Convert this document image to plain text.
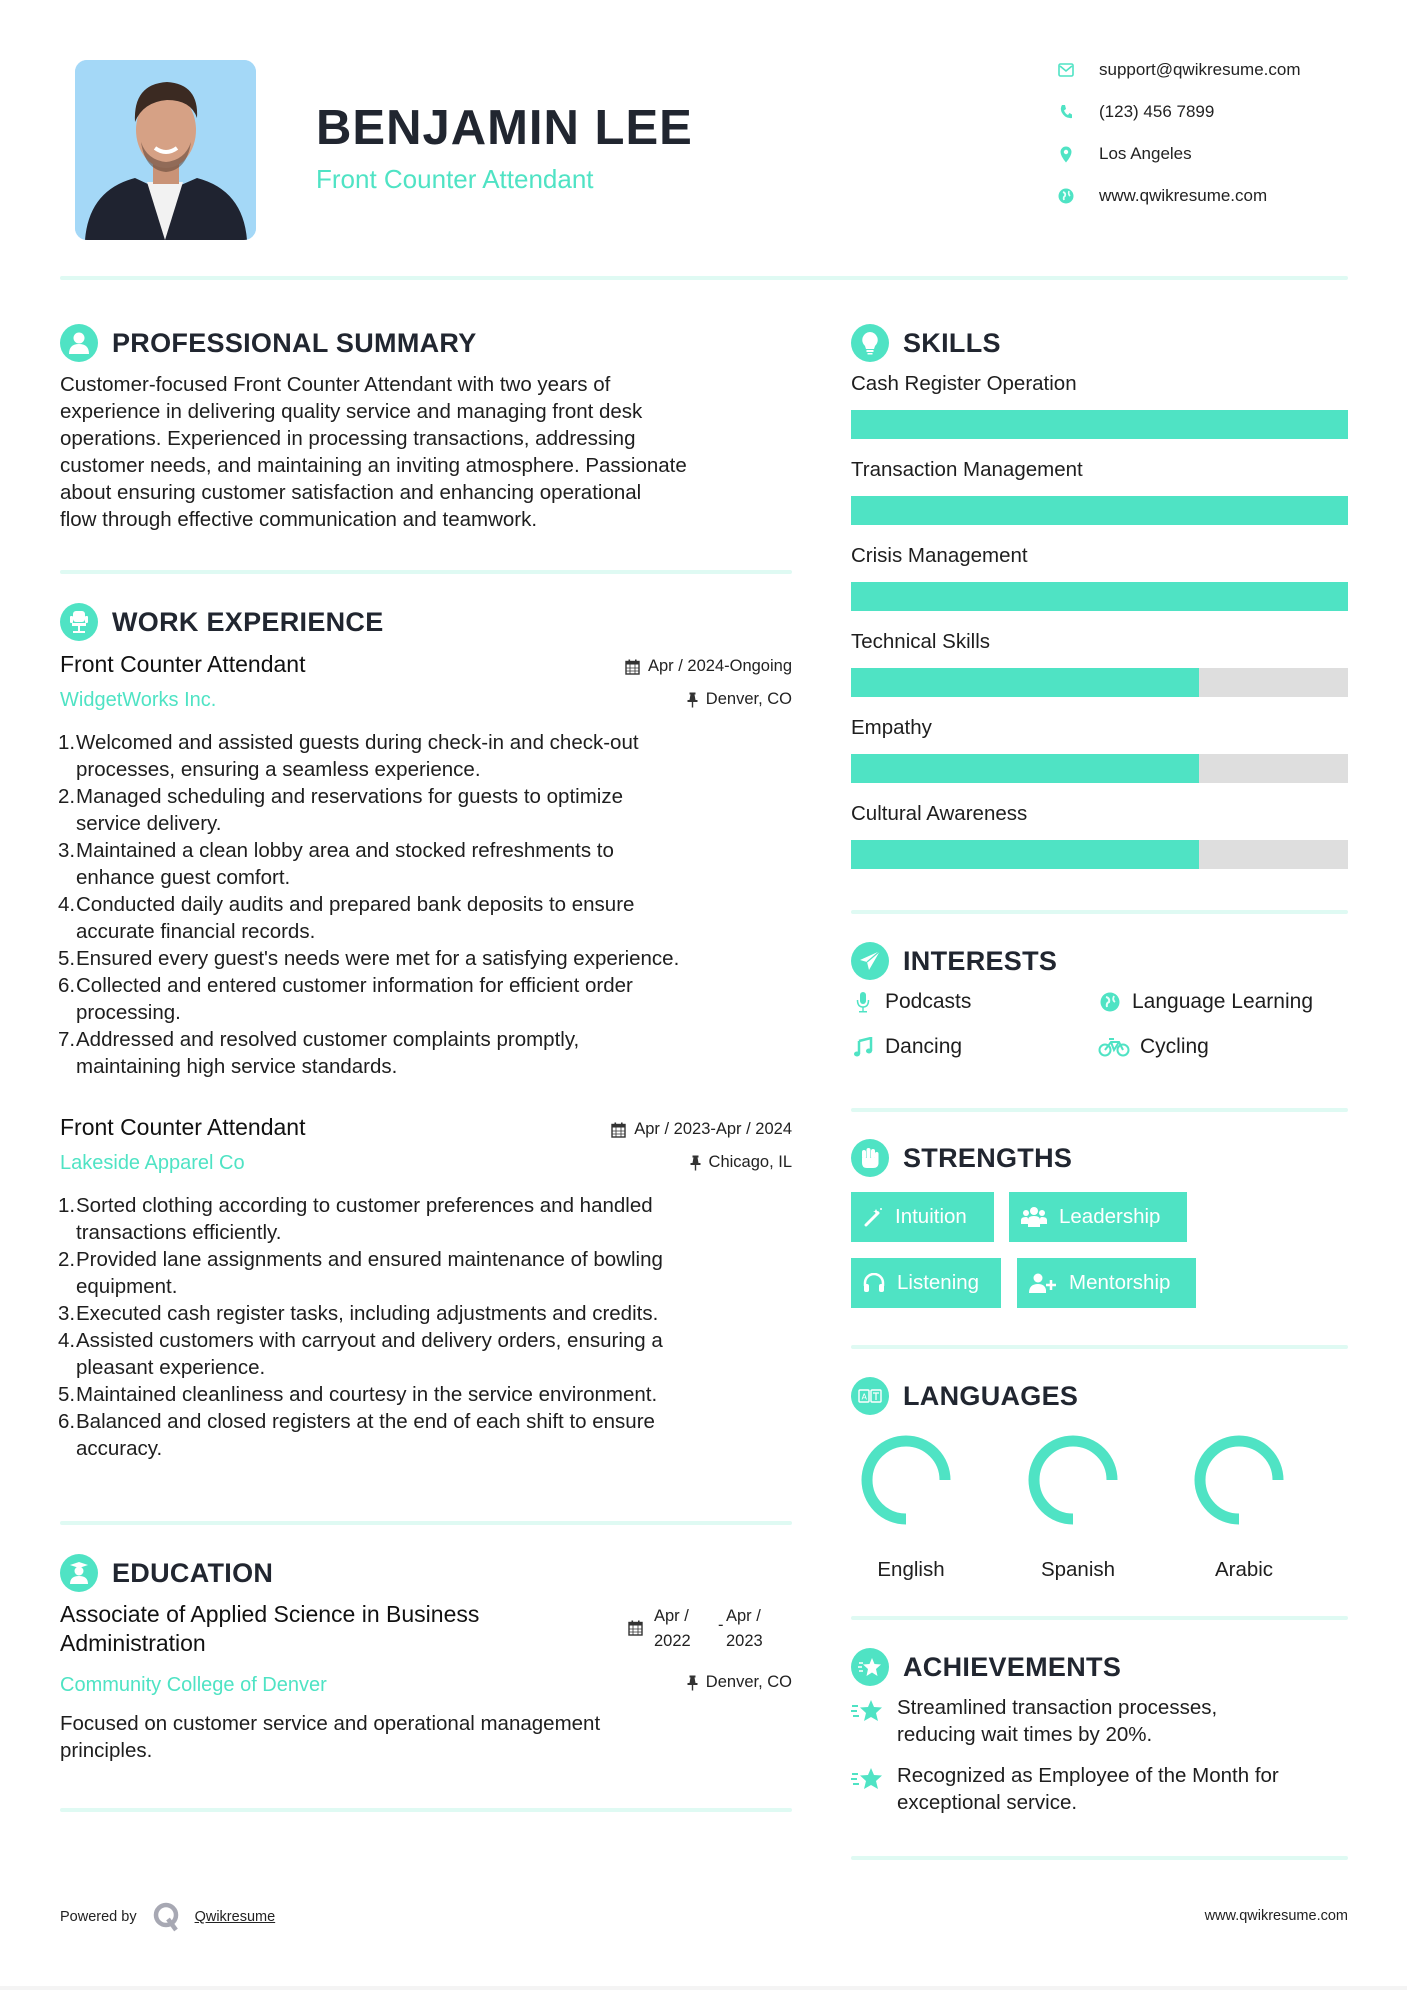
BENJAMIN LEE
Front Counter Attendant
support@qwikresume.com
(123) 456 7899
Los Angeles
www.qwikresume.com
PROFESSIONAL SUMMARY
Customer-focused Front Counter Attendant with two years of
experience in delivering quality service and managing front desk
operations. Experienced in processing transactions, addressing
customer needs, and maintaining an inviting atmosphere. Passionate
about ensuring customer satisfaction and enhancing operational
flow through effective communication and teamwork.
WORK EXPERIENCE
Front Counter Attendant	Apr / 2024-Ongoing
WidgetWorks Inc.	Denver, CO
1. Welcomed and assisted guests during check-in and check-out
processes, ensuring a seamless experience.
2. Managed scheduling and reservations for guests to optimize
service delivery.
3. Maintained a clean lobby area and stocked refreshments to
enhance guest comfort.
4. Conducted daily audits and prepared bank deposits to ensure
accurate financial records.
5. Ensured every guest's needs were met for a satisfying experience.
6. Collected and entered customer information for efficient order
processing.
7. Addressed and resolved customer complaints promptly,
maintaining high service standards.
Front Counter Attendant	Apr / 2023-Apr / 2024
Lakeside Apparel Co	Chicago, IL
1. Sorted clothing according to customer preferences and handled
transactions efficiently.
2. Provided lane assignments and ensured maintenance of bowling
equipment.
3. Executed cash register tasks, including adjustments and credits.
4. Assisted customers with carryout and delivery orders, ensuring a
pleasant experience.
5. Maintained cleanliness and courtesy in the service environment.
6. Balanced and closed registers at the end of each shift to ensure
accuracy.
EDUCATION
Associate of Applied Science in Business
Administration
Apr /
2022
- Apr /
2023
Community College of Denver	Denver, CO
Focused on customer service and operational management
principles.
SKILLS
Cash Register Operation
Transaction Management
Crisis Management
Technical Skills
Empathy
Cultural Awareness
INTERESTS
Podcasts	Language Learning
Dancing	Cycling
STRENGTHS
Intuition	Leadership
Listening	Mentorship
A LANGUAGES
English	Spanish	Arabic
ACHIEVEMENTS
Streamlined transaction processes,
reducing wait times by 20%.
Recognized as Employee of the Month for
exceptional service.
Powered by	Qwikresume	www.qwikresume.com
